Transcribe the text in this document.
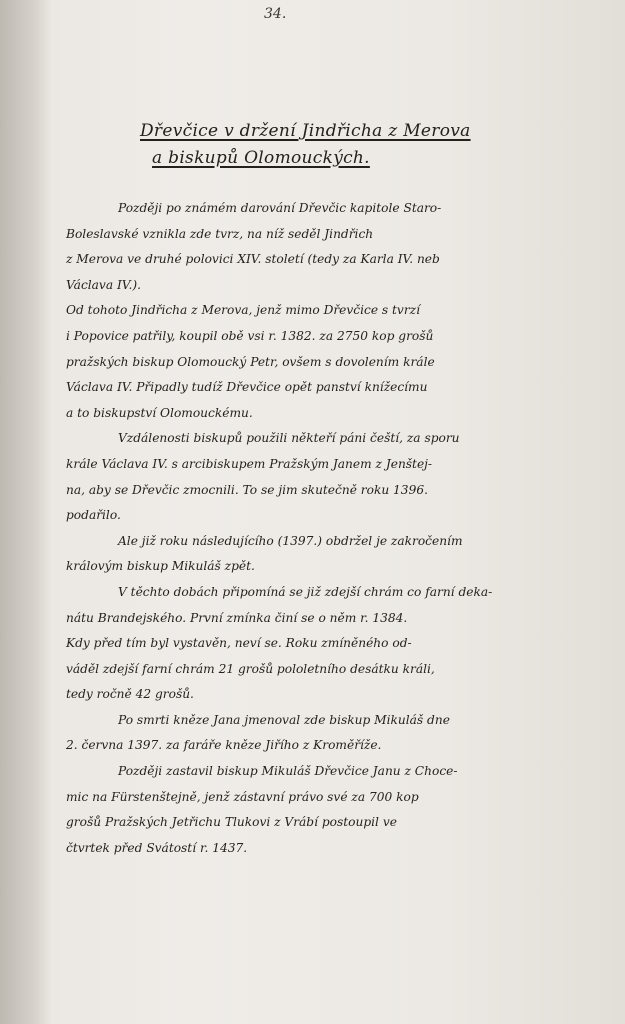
34.
Dřevčice v držení Jindřicha z Merova
a biskupů Olomouckých.

Později po známém darování Dřevčic kapitole Staro-
Boleslavské vznikla zde tvrz, na níž seděl Jindřich
z Merova ve druhé polovici XIV. století (tedy za Karla IV. neb
Václava IV.).

Od tohoto Jindřicha z Merova, jenž mimo Dřevčice s tvrzí
i Popovice patřily, koupil obě vsi r. 1382. za 2750 kop grošů
pražských biskup Olomoucký Petr, ovšem s dovolením krále
Václava IV. Připadly tudíž Dřevčice opět panství knížecímu
a to biskupství Olomouckému.

Vzdálenosti biskupů použili někteří páni čeští, za sporu
krále Václava IV. s arcibiskupem Pražským Janem z Jenštej-
na, aby se Dřevčic zmocnili. To se jim skutečně roku 1396.
podařilo.

Ale již roku následujícího (1397.) obdržel je zakročením
královým biskup Mikuláš zpět.

V těchto dobách připomíná se již zdejší chrám co farní deka-
nátu Brandejského. První zmínka činí se o něm r. 1384.
Kdy před tím byl vystavěn, neví se. Roku zmíněného od-
váděl zdejší farní chrám 21 grošů pololetního desátku králi,
tedy ročně 42 grošů.

Po smrti kněze Jana jmenoval zde biskup Mikuláš dne
2. června 1397. za faráře kněze Jiřího z Kroměříže.

Později zastavil biskup Mikuláš Dřevčice Janu z Choce-
mic na Fürstenštejně, jenž zástavní právo své za 700 kop
grošů Pražských Jetřichu Tlukovi z Vrábí postoupil ve
čtvrtek před Svátostí r. 1437.
